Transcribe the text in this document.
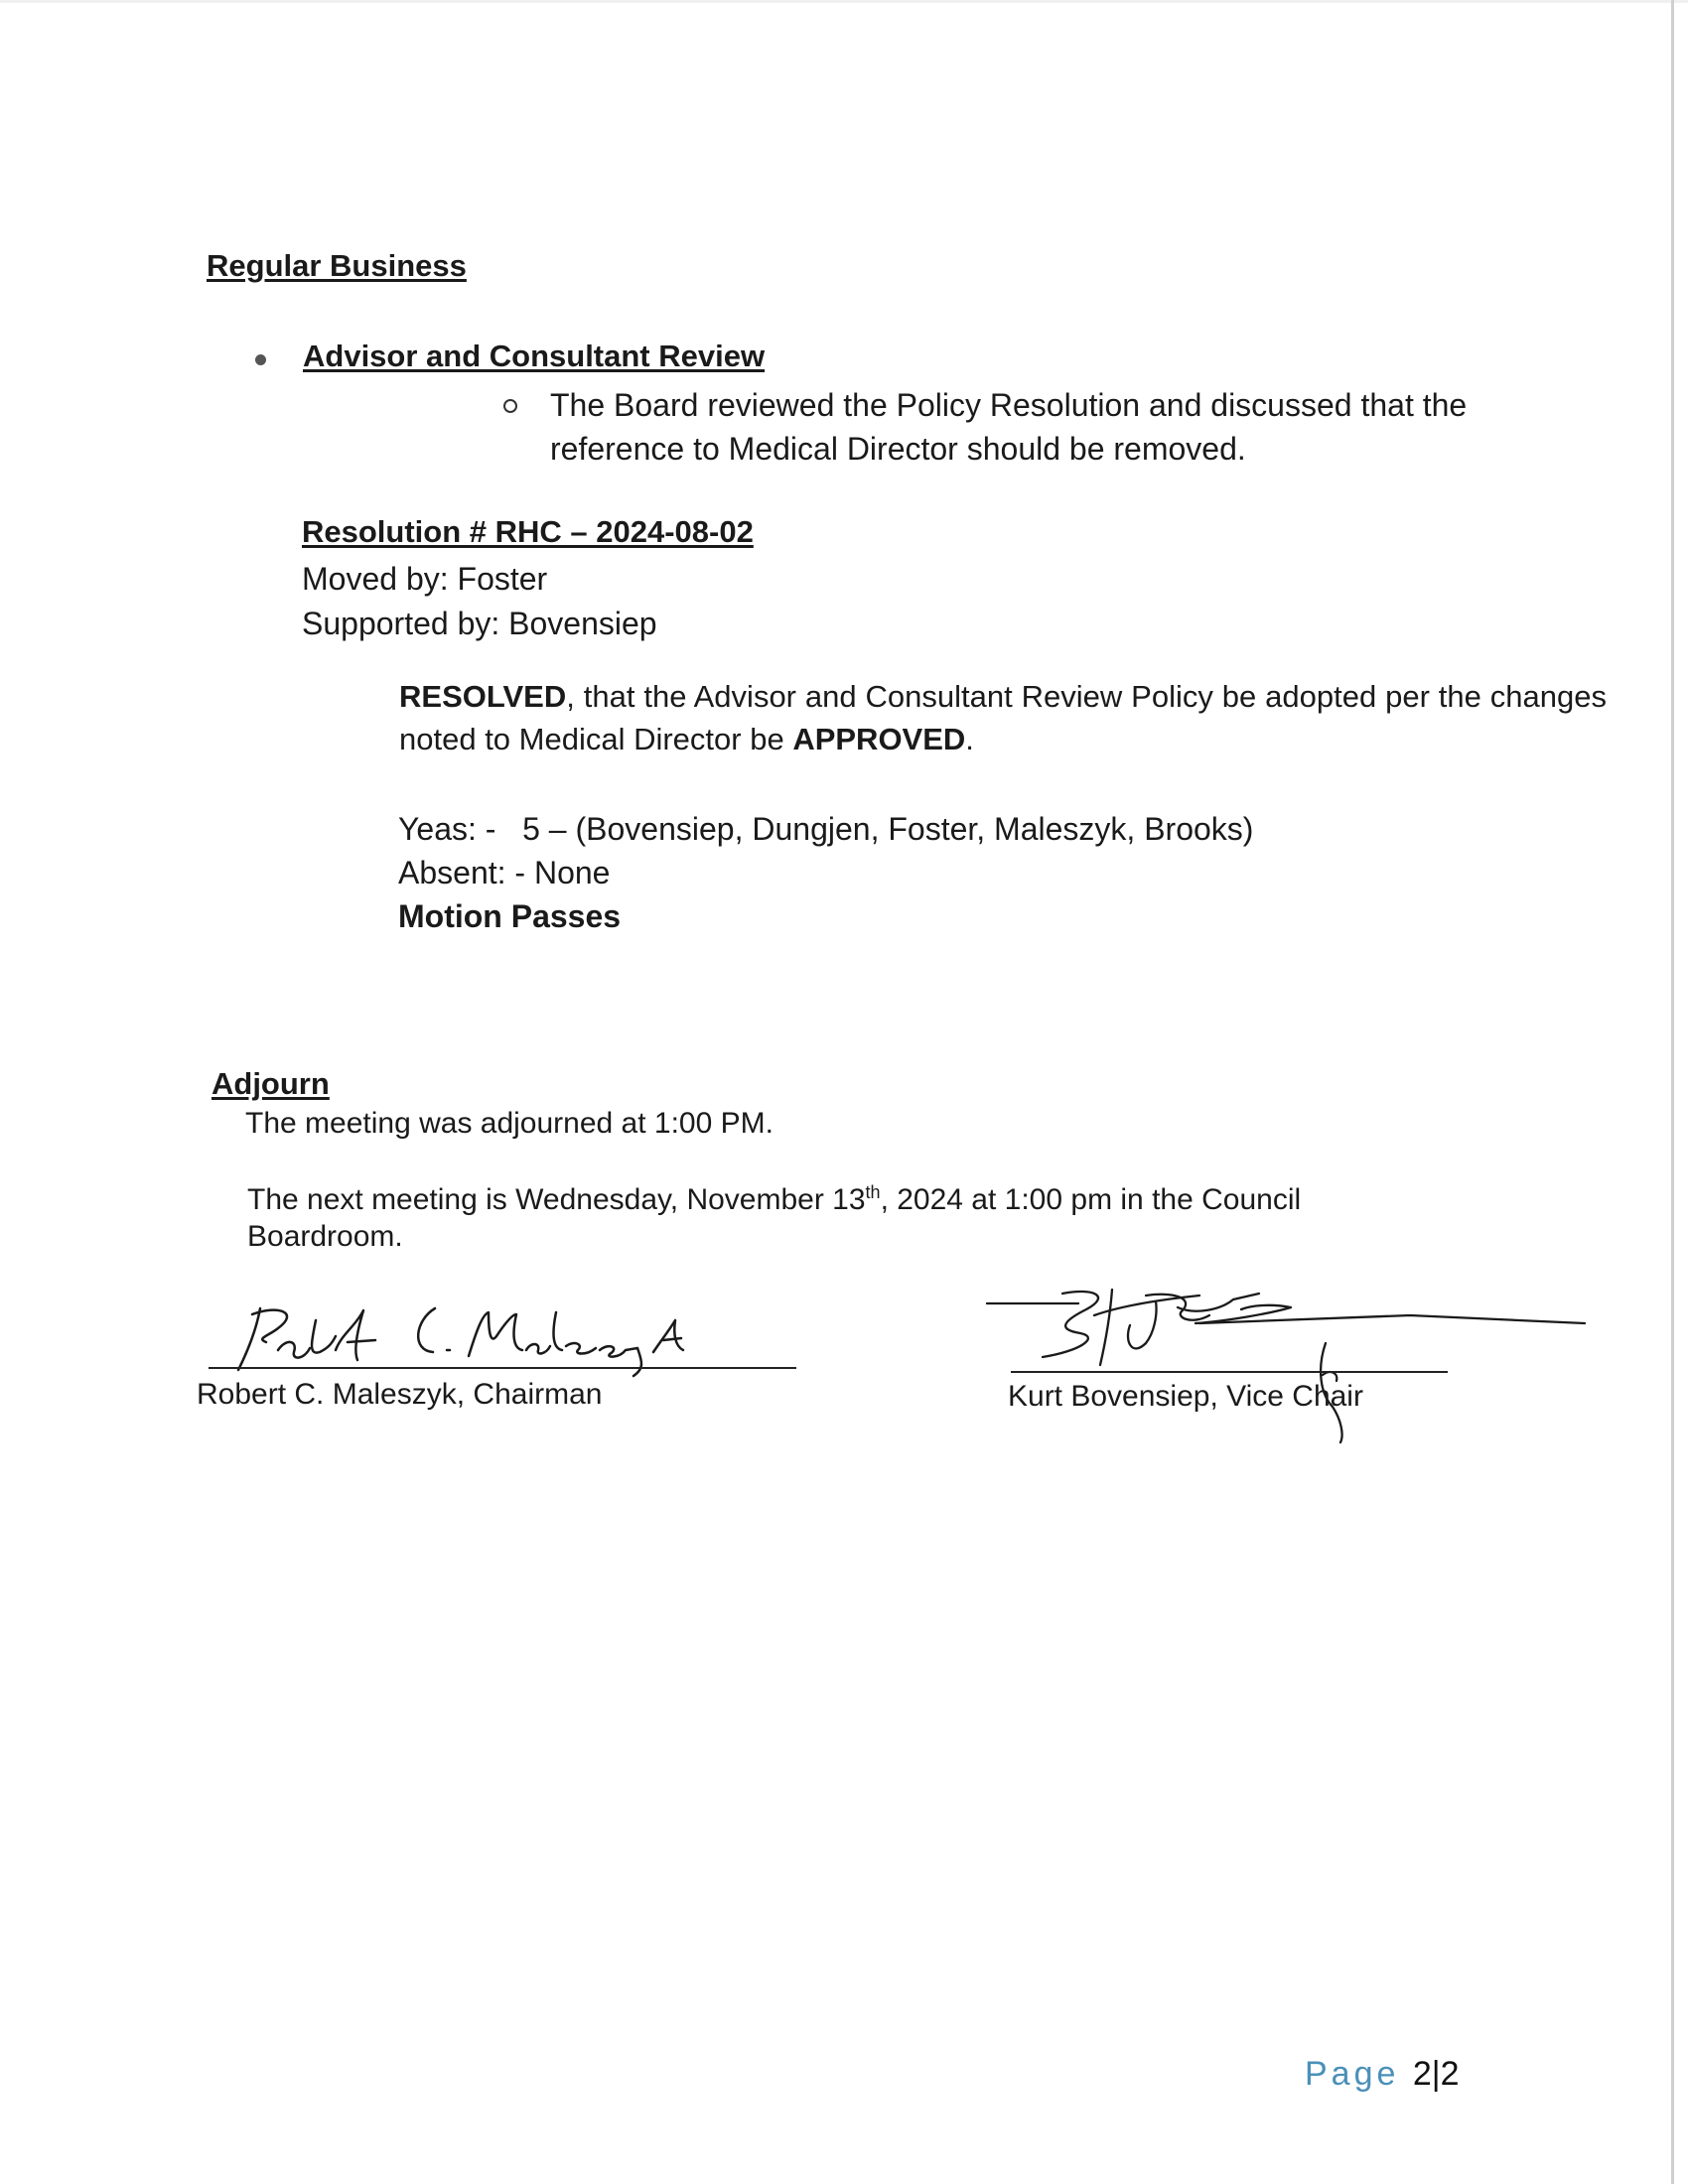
Regular Business
Advisor and Consultant Review
The Board reviewed the Policy Resolution and discussed that the
reference to Medical Director should be removed.
Resolution # RHC – 2024-08-02
Moved by: Foster
Supported by: Bovensiep
RESOLVED, that the Advisor and Consultant Review Policy be adopted per the changes noted to Medical Director be APPROVED.
Yeas: -   5 – (Bovensiep, Dungjen, Foster, Maleszyk, Brooks)
Absent: - None
Motion Passes
Adjourn
The meeting was adjourned at 1:00 PM.
The next meeting is Wednesday, November 13th, 2024 at 1:00 pm in the Council
Boardroom.
Robert C. Maleszyk, Chairman	Kurt Bovensiep, Vice Chair
Page 2|2
